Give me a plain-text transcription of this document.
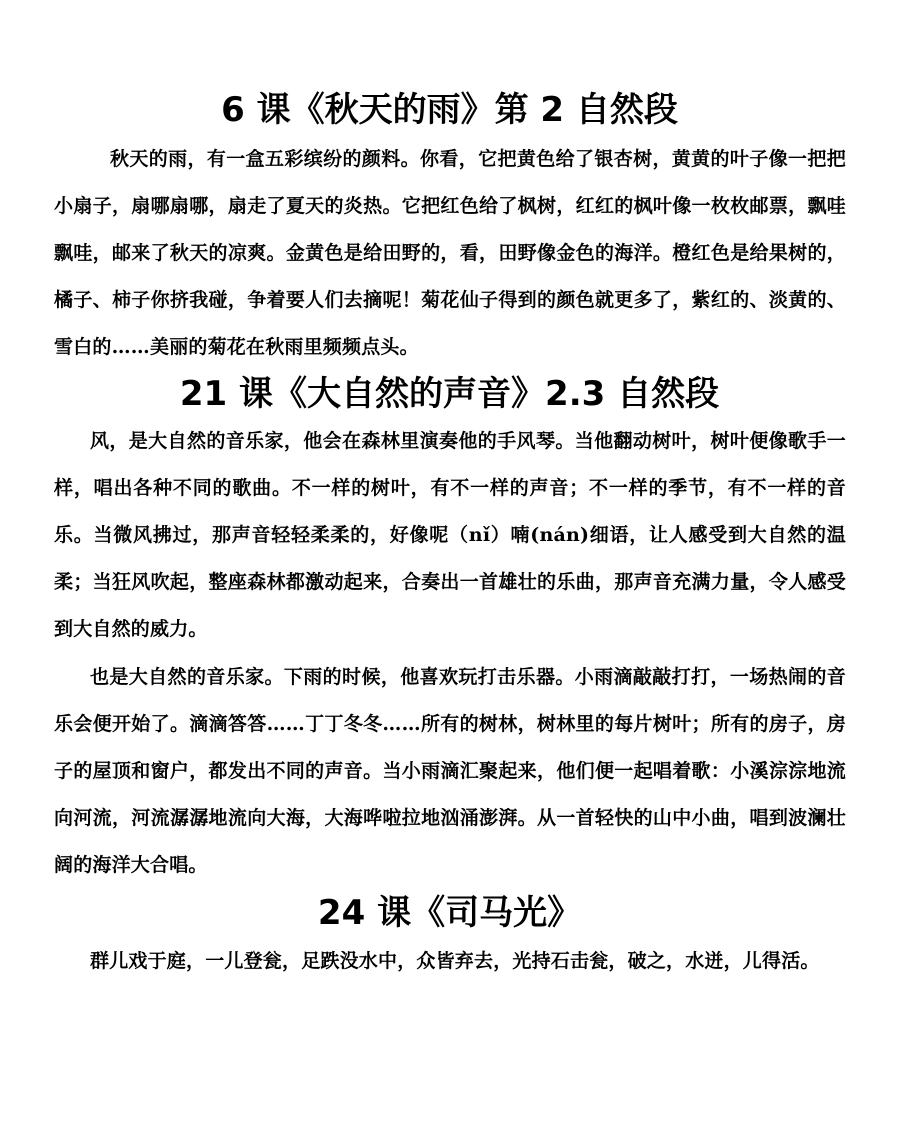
6 课《秋天的雨》第 2 自然段
秋天的雨，有一盒五彩缤纷的颜料。你看，它把黄色给了银杏树，黄黄的叶子像一把把小扇子，扇哪扇哪，扇走了夏天的炎热。它把红色给了枫树，红红的枫叶像一枚枚邮票，飘哇飘哇，邮来了秋天的凉爽。金黄色是给田野的，看，田野像金色的海洋。橙红色是给果树的，橘子、柿子你挤我碰，争着要人们去摘呢！菊花仙子得到的颜色就更多了，紫红的、淡黄的、雪白的……美丽的菊花在秋雨里频频点头。
21 课《大自然的声音》2.3 自然段
风，是大自然的音乐家，他会在森林里演奏他的手风琴。当他翻动树叶，树叶便像歌手一样，唱出各种不同的歌曲。不一样的树叶，有不一样的声音；不一样的季节，有不一样的音乐。当微风拂过，那声音轻轻柔柔的，好像呢（nǐ）喃(nán)细语，让人感受到大自然的温柔；当狂风吹起，整座森林都激动起来，合奏出一首雄壮的乐曲，那声音充满力量，令人感受到大自然的威力。
也是大自然的音乐家。下雨的时候，他喜欢玩打击乐器。小雨滴敲敲打打，一场热闹的音乐会便开始了。滴滴答答……丁丁冬冬……所有的树林，树林里的每片树叶；所有的房子，房子的屋顶和窗户，都发出不同的声音。当小雨滴汇聚起来，他们便一起唱着歌：小溪淙淙地流向河流，河流潺潺地流向大海，大海哗啦拉地汹涌澎湃。从一首轻快的山中小曲，唱到波澜壮阔的海洋大合唱。
24 课《司马光》
群儿戏于庭，一儿登瓮，足跌没水中，众皆弃去，光持石击瓮，破之，水迸，儿得活。
